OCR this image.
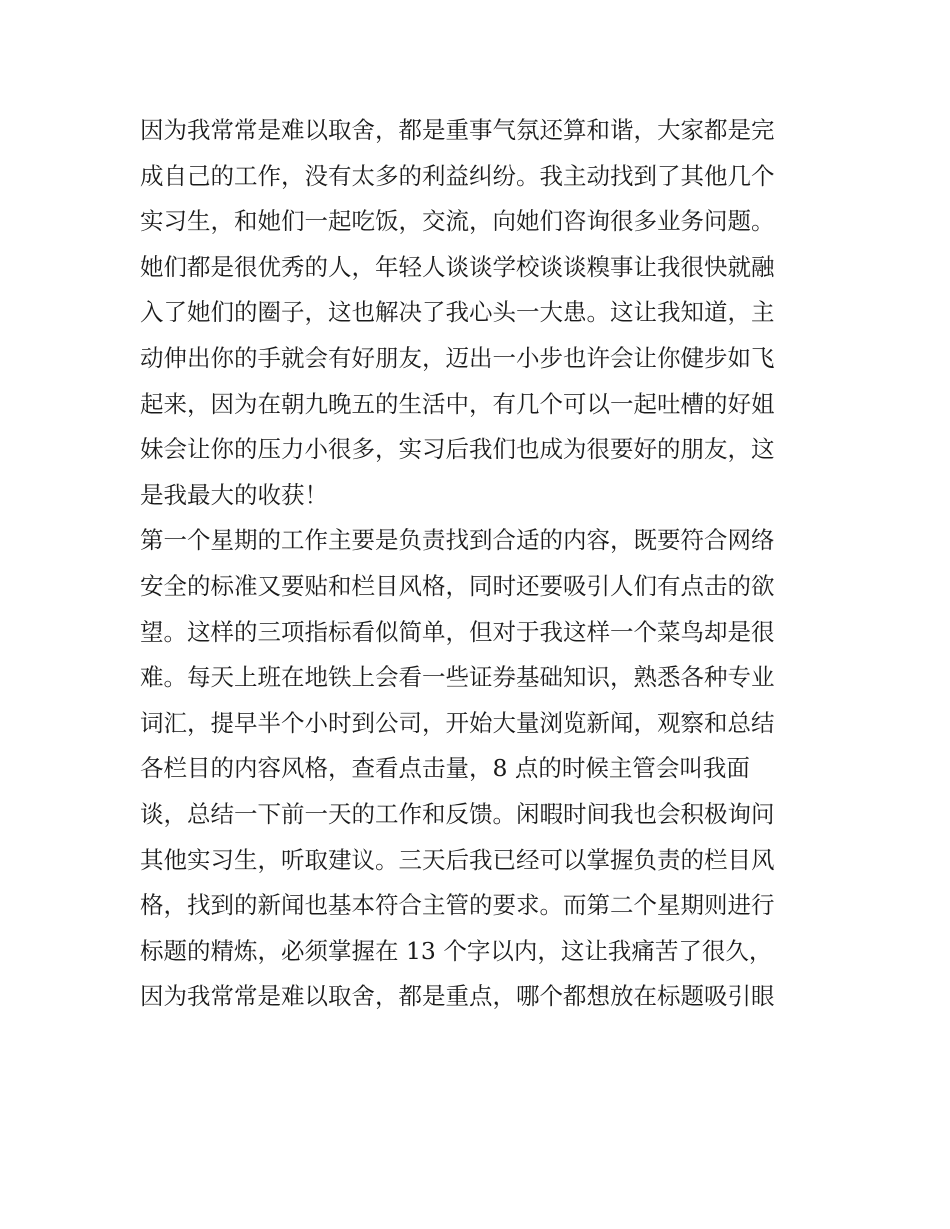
因为我常常是难以取舍，都是重事气氛还算和谐，大家都是完
成自己的工作，没有太多的利益纠纷。我主动找到了其他几个
实习生，和她们一起吃饭，交流，向她们咨询很多业务问题。
她们都是很优秀的人，年轻人谈谈学校谈谈糗事让我很快就融
入了她们的圈子，这也解决了我心头一大患。这让我知道，主
动伸出你的手就会有好朋友，迈出一小步也许会让你健步如飞
起来，因为在朝九晚五的生活中，有几个可以一起吐槽的好姐
妹会让你的压力小很多，实习后我们也成为很要好的朋友，这
是我最大的收获！
第一个星期的工作主要是负责找到合适的内容，既要符合网络
安全的标准又要贴和栏目风格，同时还要吸引人们有点击的欲
望。这样的三项指标看似简单，但对于我这样一个菜鸟却是很
难。每天上班在地铁上会看一些证券基础知识，熟悉各种专业
词汇，提早半个小时到公司，开始大量浏览新闻，观察和总结
各栏目的内容风格，查看点击量，8 点的时候主管会叫我面
谈，总结一下前一天的工作和反馈。闲暇时间我也会积极询问
其他实习生，听取建议。三天后我已经可以掌握负责的栏目风
格，找到的新闻也基本符合主管的要求。而第二个星期则进行
标题的精炼，必须掌握在 13 个字以内，这让我痛苦了很久，
因为我常常是难以取舍，都是重点，哪个都想放在标题吸引眼
